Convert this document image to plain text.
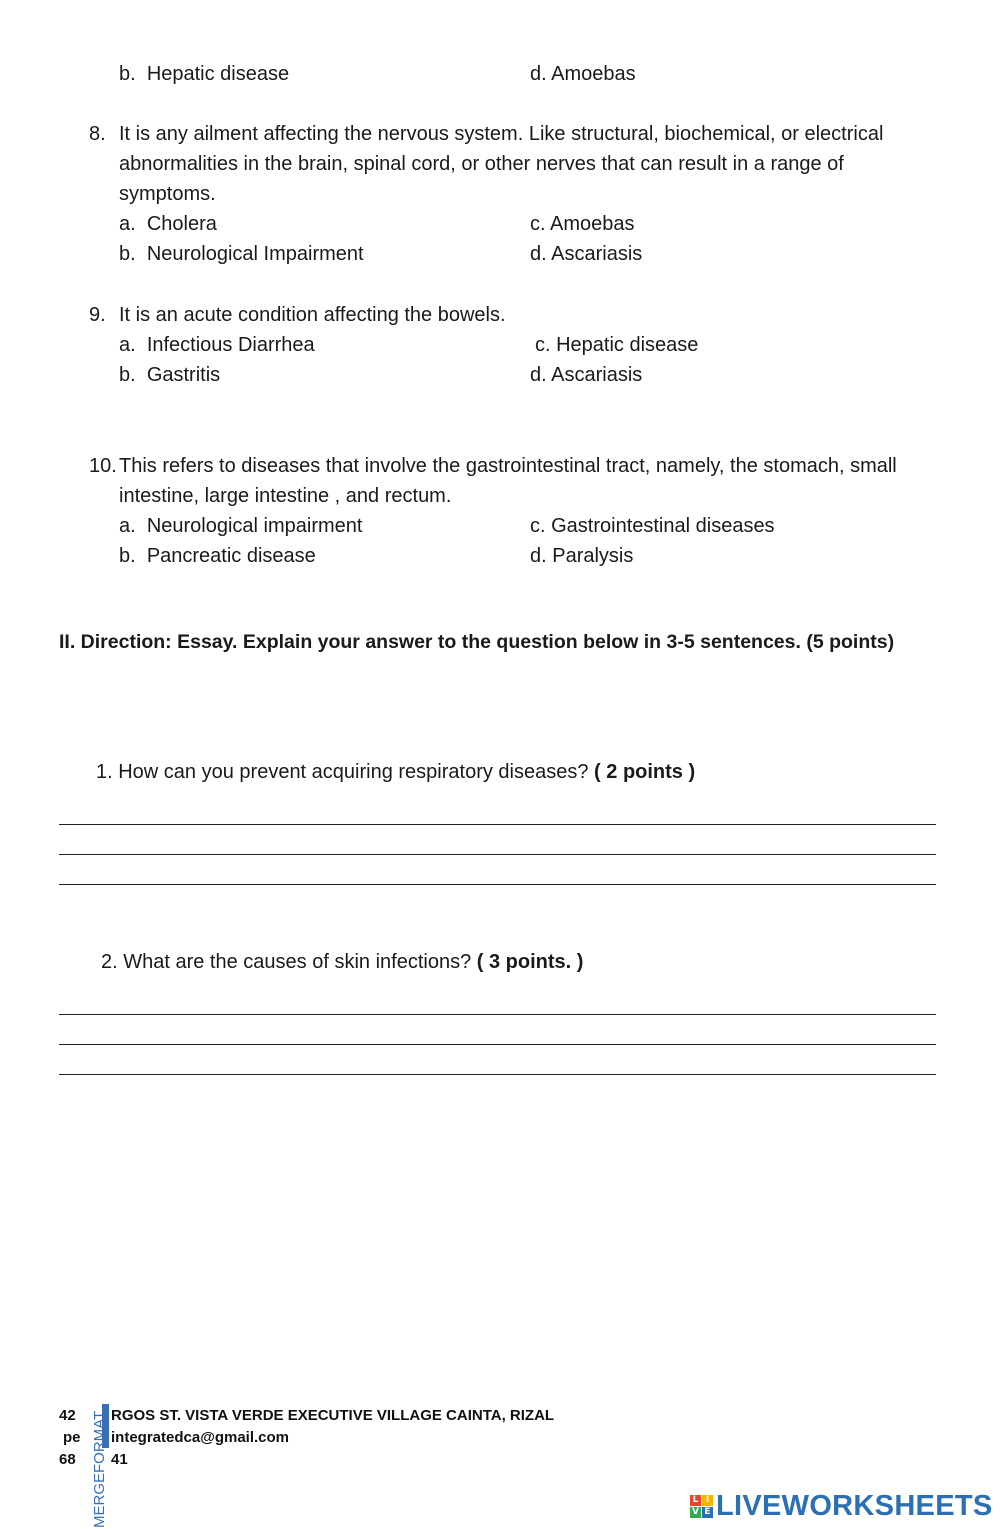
b. Hepatic disease	d. Amoebas
8. It is any ailment affecting the nervous system. Like structural, biochemical, or electrical abnormalities in the brain, spinal cord, or other nerves that can result in a range of symptoms.
a. Cholera	c. Amoebas
b. Neurological Impairment	d. Ascariasis
9. It is an acute condition affecting the bowels.
a. Infectious Diarrhea	c. Hepatic disease
b. Gastritis	d. Ascariasis
10. This refers to diseases that involve the gastrointestinal tract, namely, the stomach, small intestine, large intestine , and rectum.
a. Neurological impairment	c. Gastrointestinal diseases
b. Pancreatic disease	d. Paralysis
II. Direction: Essay. Explain your answer to the question below in 3-5 sentences. (5 points)
1. How can you prevent acquiring respiratory diseases? ( 2 points )
2. What are the causes of skin infections? ( 3 points. )
42 RGOS ST. VISTA VERDE EXECUTIVE VILLAGE CAINTA, RIZAL
pe integratedca@gmail.com
68 41
MERGEFORMAT	L I
V E LIVEWORKSHEETS
